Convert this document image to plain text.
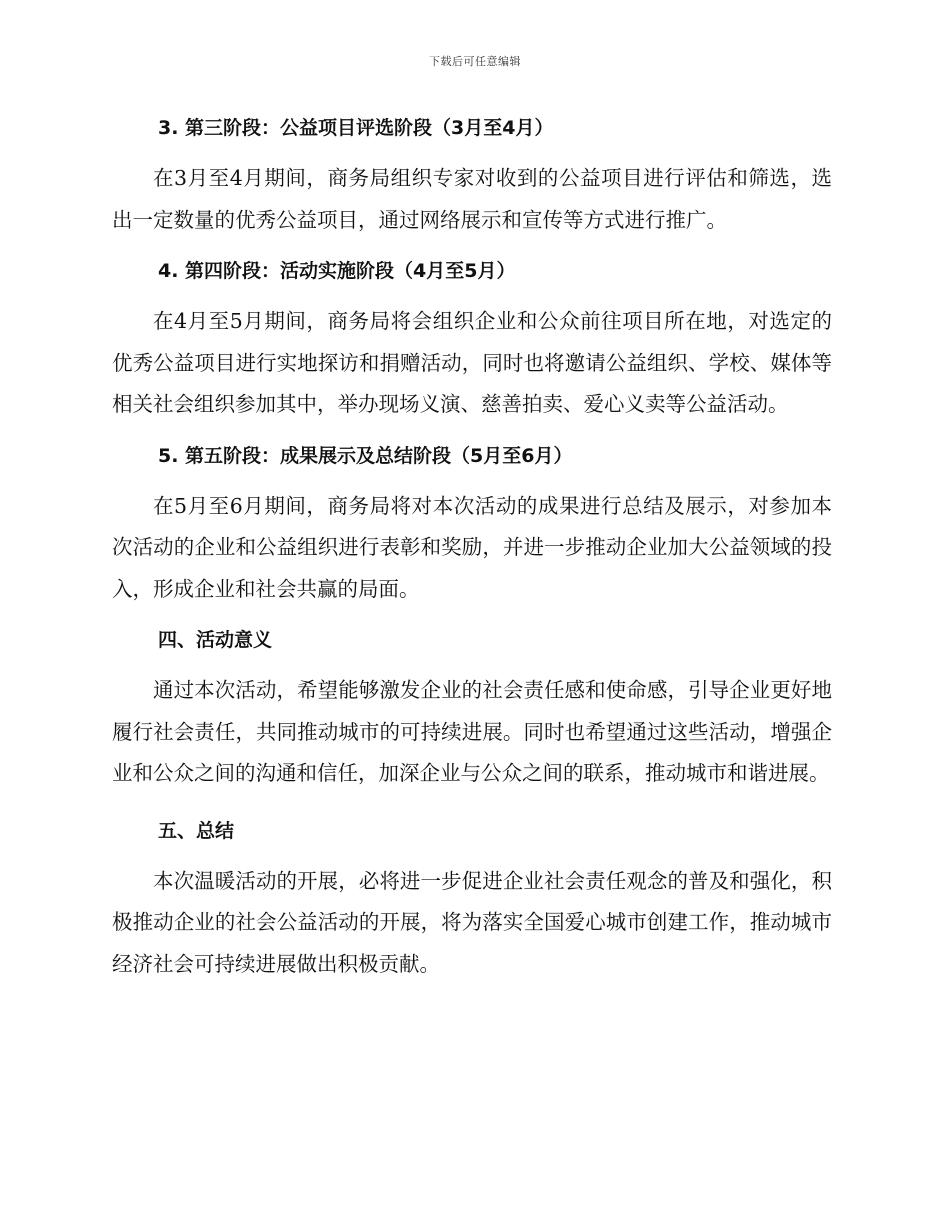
下载后可任意编辑
3. 第三阶段：公益项目评选阶段（3月至4月）

在3月至4月期间，商务局组织专家对收到的公益项目进行评估和筛选，选出一定数量的优秀公益项目，通过网络展示和宣传等方式进行推广。

4. 第四阶段：活动实施阶段（4月至5月）

在4月至5月期间，商务局将会组织企业和公众前往项目所在地，对选定的优秀公益项目进行实地探访和捐赠活动，同时也将邀请公益组织、学校、媒体等相关社会组织参加其中，举办现场义演、慈善拍卖、爱心义卖等公益活动。

5. 第五阶段：成果展示及总结阶段（5月至6月）

在5月至6月期间，商务局将对本次活动的成果进行总结及展示，对参加本次活动的企业和公益组织进行表彰和奖励，并进一步推动企业加大公益领域的投入，形成企业和社会共赢的局面。

四、活动意义

通过本次活动，希望能够激发企业的社会责任感和使命感，引导企业更好地履行社会责任，共同推动城市的可持续进展。同时也希望通过这些活动，增强企业和公众之间的沟通和信任，加深企业与公众之间的联系，推动城市和谐进展。

五、总结

本次温暖活动的开展，必将进一步促进企业社会责任观念的普及和强化，积极推动企业的社会公益活动的开展，将为落实全国爱心城市创建工作，推动城市经济社会可持续进展做出积极贡献。
